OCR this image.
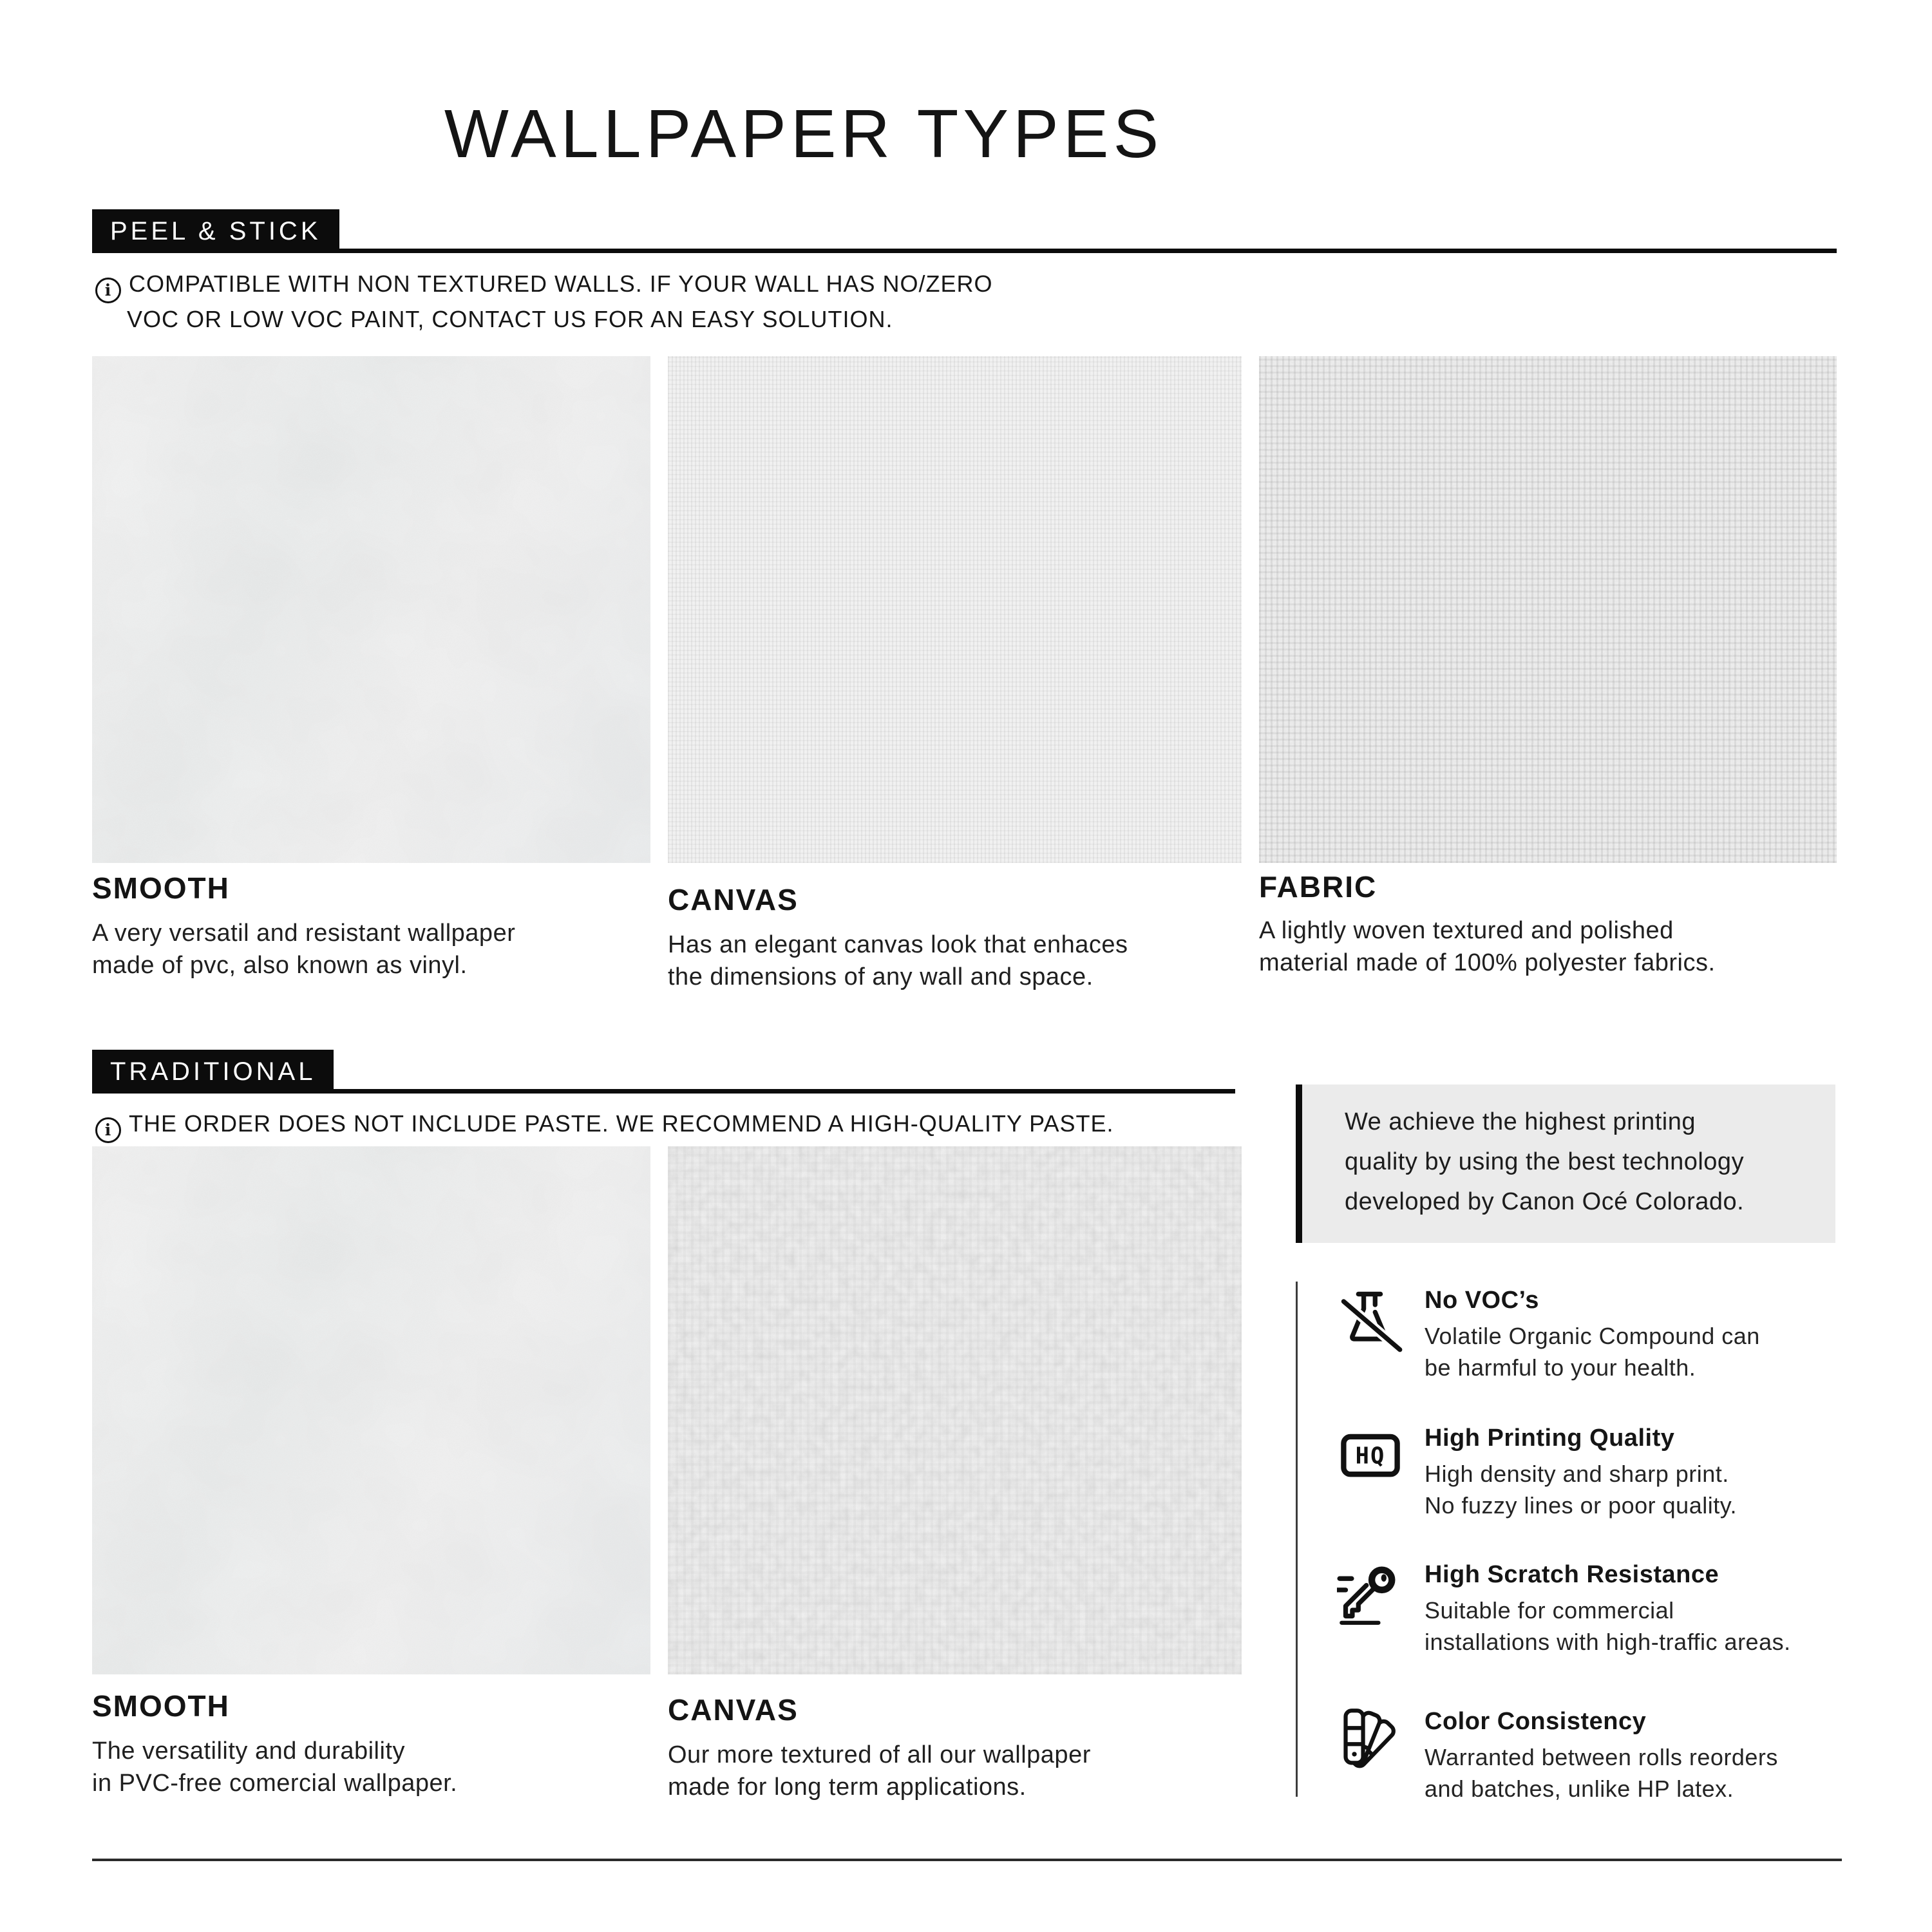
WALLPAPER TYPES
PEEL & STICK
i COMPATIBLE WITH NON TEXTURED WALLS. IF YOUR WALL HAS NO/ZERO
VOC OR LOW VOC PAINT, CONTACT US FOR AN EASY SOLUTION.
SMOOTH
A very versatil and resistant wallpaper
made of pvc, also known as vinyl.
CANVAS
Has an elegant canvas look that enhaces
the dimensions of any wall and space.
FABRIC
A lightly woven textured and polished
material made of 100% polyester fabrics.
TRADITIONAL
i THE ORDER DOES NOT INCLUDE PASTE. WE RECOMMEND A HIGH-QUALITY PASTE.
SMOOTH
The versatility and durability
in PVC-free comercial wallpaper.
CANVAS
Our more textured of all our wallpaper
made for long term applications.
We achieve the highest printing
quality by using the best technology
developed by Canon Océ Colorado.
No VOC’s
Volatile Organic Compound can
be harmful to your health.
HQ
High Printing Quality
High density and sharp print.
No fuzzy lines or poor quality.
High Scratch Resistance
Suitable for commercial
installations with high-traffic areas.
Color Consistency
Warranted between rolls reorders
and batches, unlike HP latex.
